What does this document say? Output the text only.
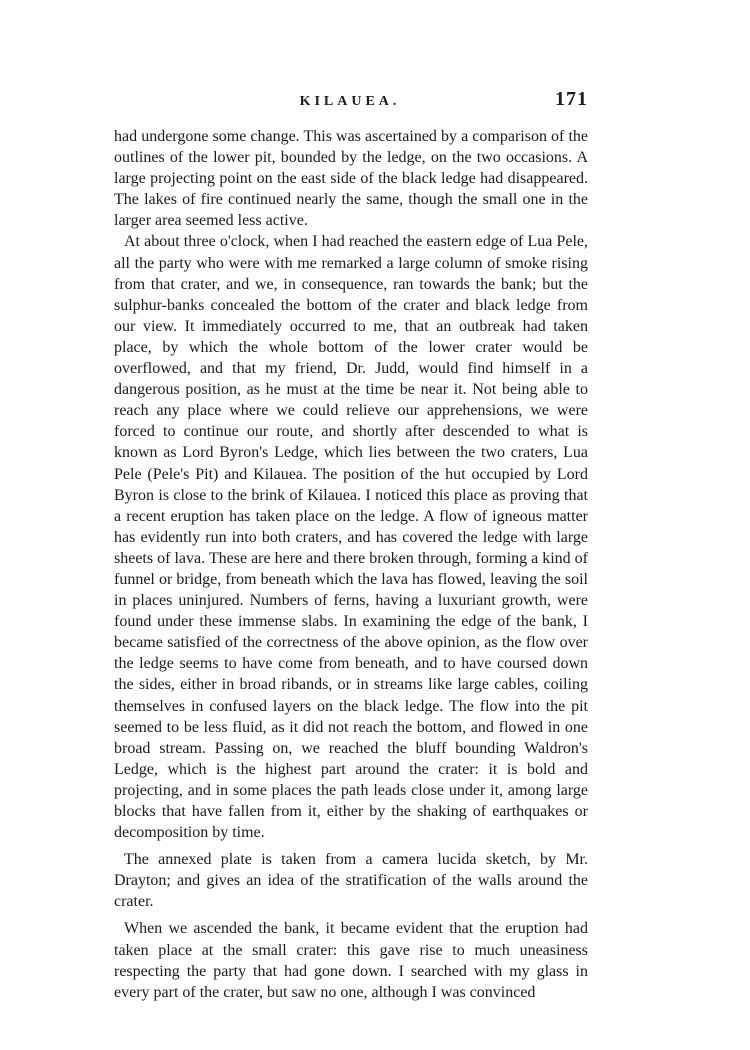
KILAUEA.	171

had undergone some change. This was ascertained by a comparison of the outlines of the lower pit, bounded by the ledge, on the two occasions. A large projecting point on the east side of the black ledge had disappeared. The lakes of fire continued nearly the same, though the small one in the larger area seemed less active.

At about three o'clock, when I had reached the eastern edge of Lua Pele, all the party who were with me remarked a large column of smoke rising from that crater, and we, in consequence, ran towards the bank; but the sulphur-banks concealed the bottom of the crater and black ledge from our view. It immediately occurred to me, that an outbreak had taken place, by which the whole bottom of the lower crater would be overflowed, and that my friend, Dr. Judd, would find himself in a dangerous position, as he must at the time be near it. Not being able to reach any place where we could relieve our apprehensions, we were forced to continue our route, and shortly after descended to what is known as Lord Byron's Ledge, which lies between the two craters, Lua Pele (Pele's Pit) and Kilauea. The position of the hut occupied by Lord Byron is close to the brink of Kilauea. I noticed this place as proving that a recent eruption has taken place on the ledge. A flow of igneous matter has evidently run into both craters, and has covered the ledge with large sheets of lava. These are here and there broken through, forming a kind of funnel or bridge, from beneath which the lava has flowed, leaving the soil in places uninjured. Numbers of ferns, having a luxuriant growth, were found under these immense slabs. In examining the edge of the bank, I became satisfied of the correctness of the above opinion, as the flow over the ledge seems to have come from beneath, and to have coursed down the sides, either in broad ribands, or in streams like large cables, coiling themselves in confused layers on the black ledge. The flow into the pit seemed to be less fluid, as it did not reach the bottom, and flowed in one broad stream. Passing on, we reached the bluff bounding Waldron's Ledge, which is the highest part around the crater: it is bold and projecting, and in some places the path leads close under it, among large blocks that have fallen from it, either by the shaking of earthquakes or decomposition by time.

The annexed plate is taken from a camera lucida sketch, by Mr. Drayton; and gives an idea of the stratification of the walls around the crater.

When we ascended the bank, it became evident that the eruption had taken place at the small crater: this gave rise to much uneasiness respecting the party that had gone down. I searched with my glass in every part of the crater, but saw no one, although I was convinced
